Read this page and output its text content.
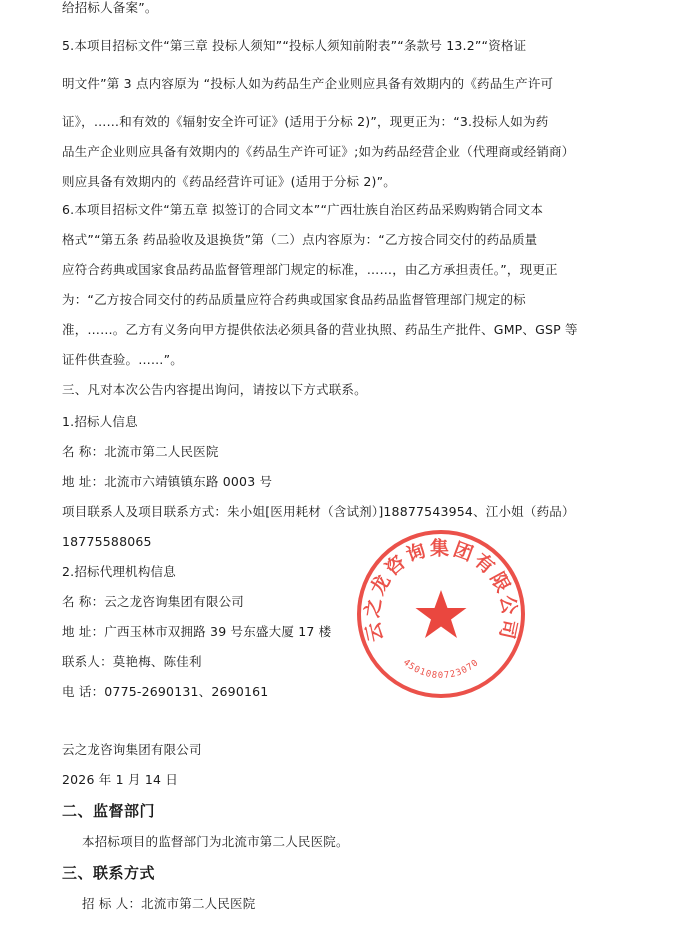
给招标人备案”。
5.本项目招标文件“第三章 投标人须知”“投标人须知前附表”“条款号 13.2”“资格证
明文件”第 3 点内容原为 “投标人如为药品生产企业则应具备有效期内的《药品生产许可
证》，……和有效的《辐射安全许可证》(适用于分标 2)”，现更正为：“3.投标人如为药
品生产企业则应具备有效期内的《药品生产许可证》;如为药品经营企业（代理商或经销商）
则应具备有效期内的《药品经营许可证》(适用于分标 2)”。
6.本项目招标文件“第五章 拟签订的合同文本”“广西壮族自治区药品采购购销合同文本
格式”“第五条 药品验收及退换货”第（二）点内容原为：“乙方按合同交付的药品质量
应符合药典或国家食品药品监督管理部门规定的标准，……，由乙方承担责任。”，现更正
为：“乙方按合同交付的药品质量应符合药典或国家食品药品监督管理部门规定的标
准，……。乙方有义务向甲方提供依法必须具备的营业执照、药品生产批件、GMP、GSP 等
证件供查验。……”。
三、凡对本次公告内容提出询问，请按以下方式联系。
1.招标人信息
名 称：北流市第二人民医院
地 址：北流市六靖镇镇东路 0003 号
项目联系人及项目联系方式：朱小姐[医用耗材（含试剂）]18877543954、江小姐（药品）
18775588065
2.招标代理机构信息
名 称：云之龙咨询集团有限公司
地 址：广西玉林市双拥路 39 号东盛大厦 17 楼
联系人：莫艳梅、陈佳利
电 话：0775-2690131、2690161
云之龙咨询集团有限公司
2026 年 1 月 14 日
二、监督部门
本招标项目的监督部门为北流市第二人民医院。
三、联系方式
招 标 人：北流市第二人民医院
云之龙咨询集团有限公司
4501080723070
